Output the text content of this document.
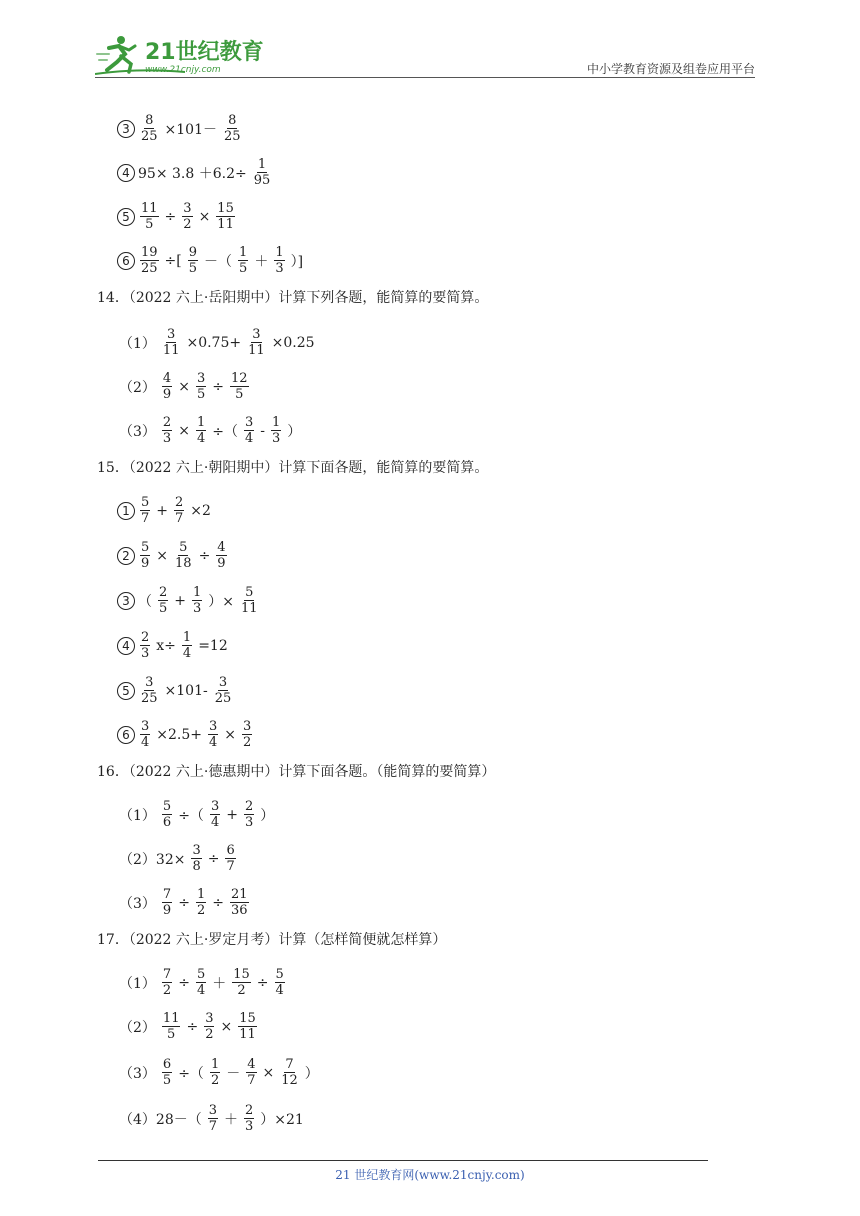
21世纪教育
www.21cnjy.com	中小学教育资源及组卷应用平台
$3 \frac{8}{25} \times 101- \frac{8}{25}$
4 $95\times 3.8 +6.2\div \frac{1}{95}$
$5 \frac{11}{5} \div \frac{3}{2} \times \frac{15}{11}$
$6 \frac{19}{25}$ ÷[ $\frac{9}{5}$ －（ $\frac{1}{5} + \frac{1}{3}$ ）]
14．（2022 六上·岳阳期中）计算下列各题，能简算的要简算。
$(1) \frac{3}{11} \times 0.75+ \frac{3}{11} \times 0.25$
$(2) \frac{4}{9} \times \frac{3}{5} \div \frac{12}{5}$
$(3) \frac{2}{3} \times \frac{1}{4}$ ÷（ $\frac{3}{4} - \frac{1}{3}$ ）
15．（2022 六上·朝阳期中）计算下面各题，能简算的要简算。
$1 \frac{5}{7} + \frac{2}{7} \times 2$
$2 \frac{5}{9} \times \frac{5}{18} \div \frac{4}{9}$
3 （ $\frac{2}{5} + \frac{1}{3}$ ）× $\frac{5}{11}$
$4 \frac{2}{3} x\div \frac{1}{4} =12$
$5 \frac{3}{25} \times 101- \frac{3}{25}$
$6 \frac{3}{4} \times 2.5+ \frac{3}{4} \times \frac{3}{2}$
16．（2022 六上·德惠期中）计算下面各题。（能简算的要简算）
$(1) \frac{5}{6}$ ÷（ $\frac{3}{4} + \frac{2}{3}$ ）
$(2)32\times \frac{3}{8} \div \frac{6}{7}$
$(3) \frac{7}{9} \div \frac{1}{2} \div \frac{21}{36}$
17．（2022 六上·罗定月考）计算（怎样简便就怎样算）
$(1) \frac{7}{2} \div \frac{5}{4} + \frac{15}{2} \div \frac{5}{4}$
$(2) \frac{11}{5} \div \frac{3}{2} \times \frac{15}{11}$
$(3) \frac{6}{5}$ ÷（ $\frac{1}{2} - \frac{4}{7} \times \frac{7}{12}$ ）
$(4)28-( \frac{3}{7} + \frac{2}{3} )\times 21$
21 世纪教育网(www.21cnjy.com)
